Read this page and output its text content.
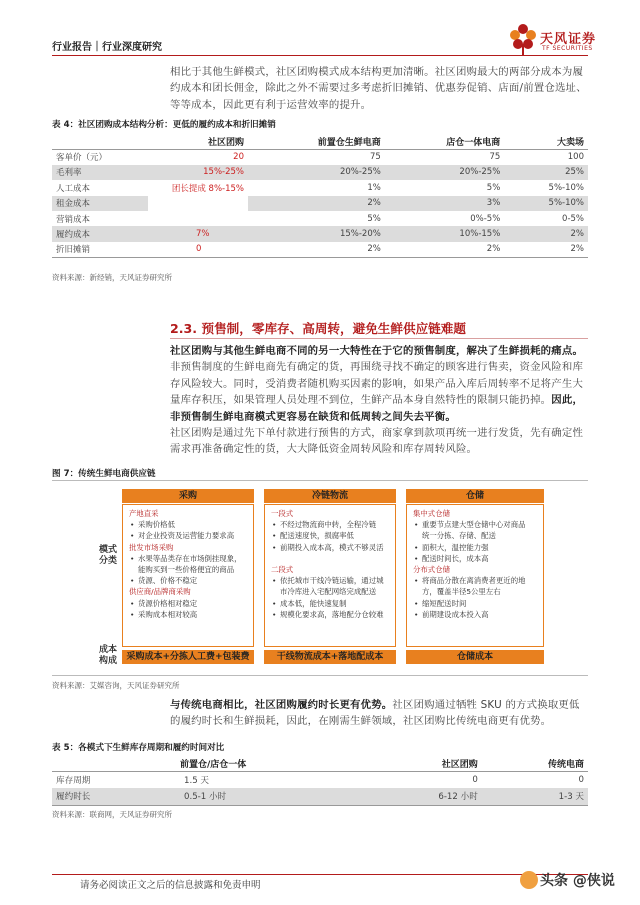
行业报告｜行业深度研究
天风证券
TF SECURITIES
相比于其他生鲜模式，社区团购模式成本结构更加清晰。社区团购最大的两部分成本为履约成本和团长佣金，除此之外不需要过多考虑折旧摊销、优惠券促销、店面/前置仓选址、等等成本，因此更有利于运营效率的提升。
表 4：社区团购成本结构分析：更低的履约成本和折旧摊销
	社区团购	前置仓生鲜电商	店仓一体电商	大卖场
客单价（元）	20	75	75	100
毛利率	15%-25%	20%-25%	20%-25%	25%
人工成本	团长提成 8%-15%	1%	5%	5%-10%
租金成本		2%	3%	5%-10%
营销成本		5%	0%-5%	0-5%
履约成本	7%	15%-20%	10%-15%	2%
折旧摊销	0	2%	2%	2%
资料来源：新经销，天风证券研究所
2.3. 预售制，零库存、高周转，避免生鲜供应链难题
社区团购与其他生鲜电商不同的另一大特性在于它的预售制度，解决了生鲜损耗的痛点。非预售制度的生鲜电商先有确定的货，再围绕寻找不确定的顾客进行售卖，资金风险和库存风险较大。同时，受消费者随机购买因素的影响，如果产品入库后周转率不足将产生大量库存积压，如果管理人员处理不到位，生鲜产品本身自然特性的限制只能扔掉。因此，非预售制生鲜电商模式更容易在缺货和低周转之间失去平衡。
社区团购是通过先下单付款进行预售的方式，商家拿到款项再统一进行发货，先有确定性需求再准备确定性的货，大大降低资金周转风险和库存周转风险。
图 7：传统生鲜电商供应链
模式
分类
成本
构成
采购
产地直采
• 采购价格低
• 对企业投资及运营能力要求高
批发市场采购
• 水果等品类存在市场倒挂现象，
能购买到一些价格便宜的商品
• 货源、价格不稳定
供应商/品牌商采购
• 货源价格相对稳定
• 采购成本相对较高
采购成本+分拣人工费+包装费
冷链物流
一段式
• 不经过物流商中转，全程冷链
• 配送速度快，损腐率低
• 前期投入成本高，模式不够灵活
二段式
• 依托城市干线冷链运输，通过城
市冷库进入宅配网络完成配送
• 成本低，能快速复制
• 规模化要求高，落地配分仓较难
干线物流成本+落地配成本
仓储
集中式仓储
• 重要节点建大型仓储中心对商品
统一分拣、存储、配送
• 面积大，温控能力强
• 配送时间长，成本高
分布式仓储
• 将商品分散在离消费者更近的地
方，覆盖半径5公里左右
• 缩短配送时间
• 前期建设成本投入高
仓储成本
资料来源：艾媒咨询，天风证券研究所
与传统电商相比，社区团购履约时长更有优势。社区团购通过牺牲 SKU 的方式换取更低的履约时长和生鲜损耗，因此，在刚需生鲜领域，社区团购比传统电商更有优势。
表 5：各模式下生鲜库存周期和履约时间对比
	前置仓/店仓一体	社区团购	传统电商
库存周期	1.5 天	0	0
履约时长	0.5-1 小时	6-12 小时	1-3 天
资料来源：联商网，天风证券研究所
请务必阅读正文之后的信息披露和免责申明	头条 @侠说
